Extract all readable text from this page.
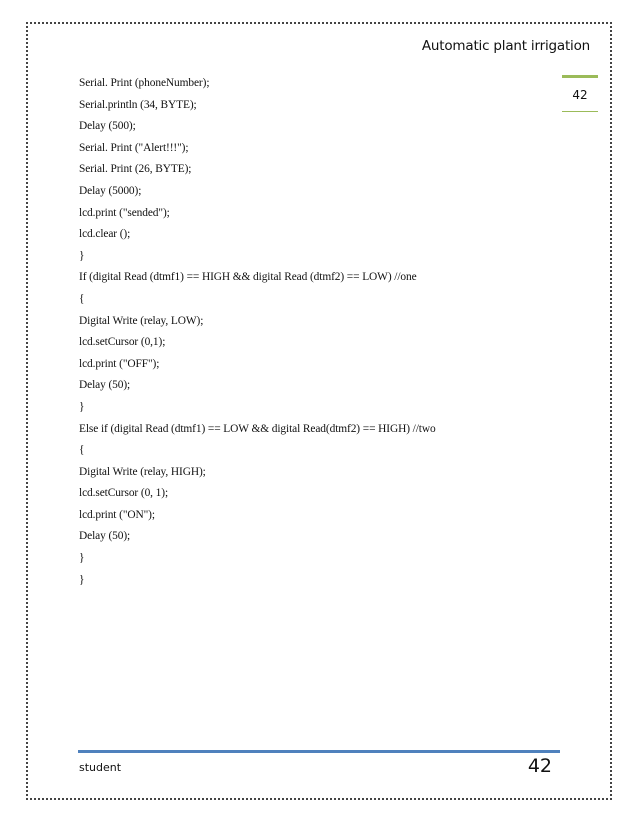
Automatic plant irrigation
42
Serial. Print (phoneNumber);
Serial.println (34, BYTE);
Delay (500);
Serial. Print ("Alert!!!");
Serial. Print (26, BYTE);
Delay (5000);
lcd.print ("sended");
lcd.clear ();
}
If (digital Read (dtmf1) == HIGH && digital Read (dtmf2) == LOW) //one
{
Digital Write (relay, LOW);
lcd.setCursor (0,1);
lcd.print ("OFF");
Delay (50);
}
Else if (digital Read (dtmf1) == LOW && digital Read(dtmf2) == HIGH) //two
{
Digital Write (relay, HIGH);
lcd.setCursor (0, 1);
lcd.print ("ON");
Delay (50);
}
}
student	42
